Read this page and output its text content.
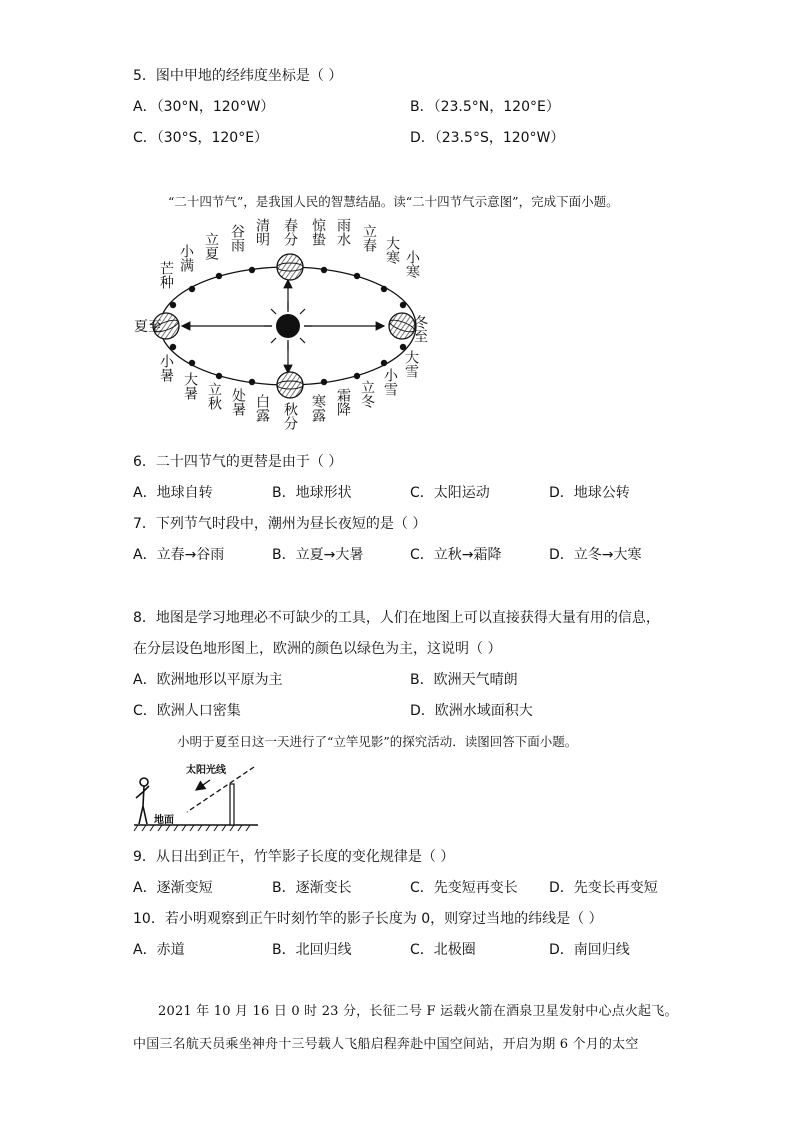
5．图中甲地的经纬度坐标是（ ）
A．（30°N，120°W）	B．（23.5°N，120°E）
C．（30°S，120°E）	D．（23.5°S，120°W）
“二十四节气”，是我国人民的智慧结晶。读“二十四节气示意图”，完成下面小题。
春分
清明
谷雨
立夏
小满
芒种
小暑
大暑 立秋 处暑 白露 秋分 寒露 霜降 立冬 小雪
大雪
小寒
大寒
立春
雨水
惊蛰
夏至	冬至
6．二十四节气的更替是由于（ ）
A．地球自转	B．地球形状	C．太阳运动	D．地球公转
7．下列节气时段中，潮州为昼长夜短的是（ ）
A．立春→谷雨	B．立夏→大暑	C．立秋→霜降	D．立冬→大寒
8．地图是学习地理必不可缺少的工具，人们在地图上可以直接获得大量有用的信息，
在分层设色地形图上，欧洲的颜色以绿色为主，这说明（ ）
A．欧洲地形以平原为主	B．欧洲天气晴朗
C．欧洲人口密集	D．欧洲水域面积大
小明于夏至日这一天进行了“立竿见影”的探究活动．读图回答下面小题。
太阳光线
地面
9．从日出到正午，竹竿影子长度的变化规律是（ ）
A．逐渐变短	B．逐渐变长	C．先变短再变长 D．先变长再变短
10．若小明观察到正午时刻竹竿的影子长度为 0，则穿过当地的纬线是（ ）
A．赤道	B．北回归线	C．北极圈	D．南回归线
2021 年 10 月 16 日 0 时 23 分，长征二号 F 运载火箭在酒泉卫星发射中心点火起飞。
中国三名航天员乘坐神舟十三号载人飞船启程奔赴中国空间站，开启为期 6 个月的太空
